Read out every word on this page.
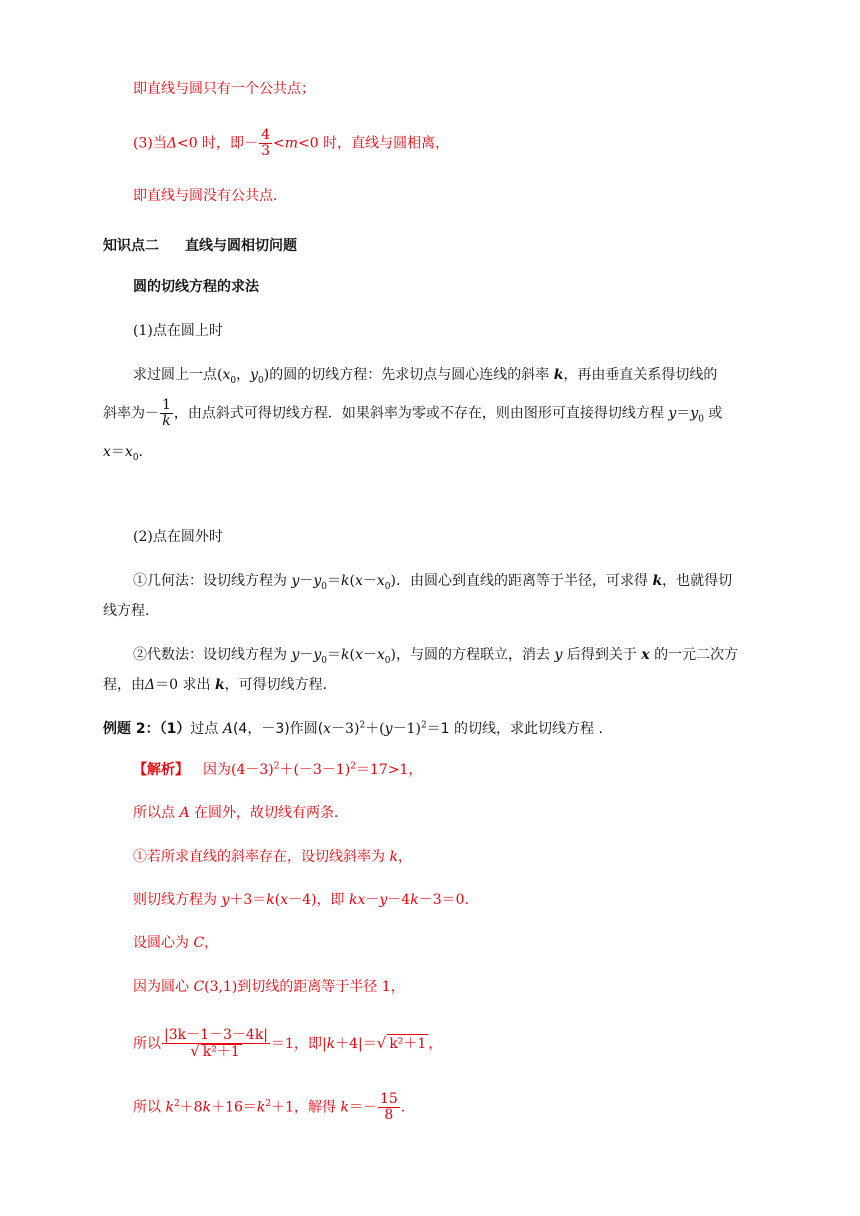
即直线与圆只有一个公共点；
(3)当Δ<0 时，即－ $\frac{4}{3} <m<0$ 时，直线与圆相离，
即直线与圆没有公共点．
知识点二 直线与圆相切问题
圆的切线方程的求法
(1)点在圆上时
求过圆上一点($x_0$，$y_0$)的圆的切线方程：先求切点与圆心连线的斜率 k，再由垂直关系得切线的
斜率为－ $\frac{1}{k}$ ，由点斜式可得切线方程．如果斜率为零或不存在，则由图形可直接得切线方程 $y=y_0$ 或
$x=x_0$.
(2)点在圆外时
①几何法：设切线方程为 $y-y_0=k(x-x_0)$．由圆心到直线的距离等于半径，可求得 k，也就得切
线方程．
②代数法：设切线方程为 $y-y_0=k(x-x_0)$，与圆的方程联立，消去 y 后得到关于 x 的一元二次方
程，由Δ＝0 求出 k，可得切线方程．
例题 2：（1）过点 A(4，－3)作圆$(x-3)^2+(y-1)^2=1$ 的切线，求此切线方程 .
【解析】 因为$(4-3)^2+(-3-1)^2=17>1$，
所以点 A 在圆外，故切线有两条．
①若所求直线的斜率存在，设切线斜率为 k，
则切线方程为 y＋3＝k(x－4)，即 kx－y－4k－3＝0.
设圆心为 C，
因为圆心 C(3,1)到切线的距离等于半径 1，
所以 $\frac{|3k-1-3-4k|}{\text{√ k²＋1}} =1$，即|k＋4|＝√ k²＋1 ，
所以 $k^2+8k+16=k^2+1$，解得 $k=- \frac{15}{8}$ .
